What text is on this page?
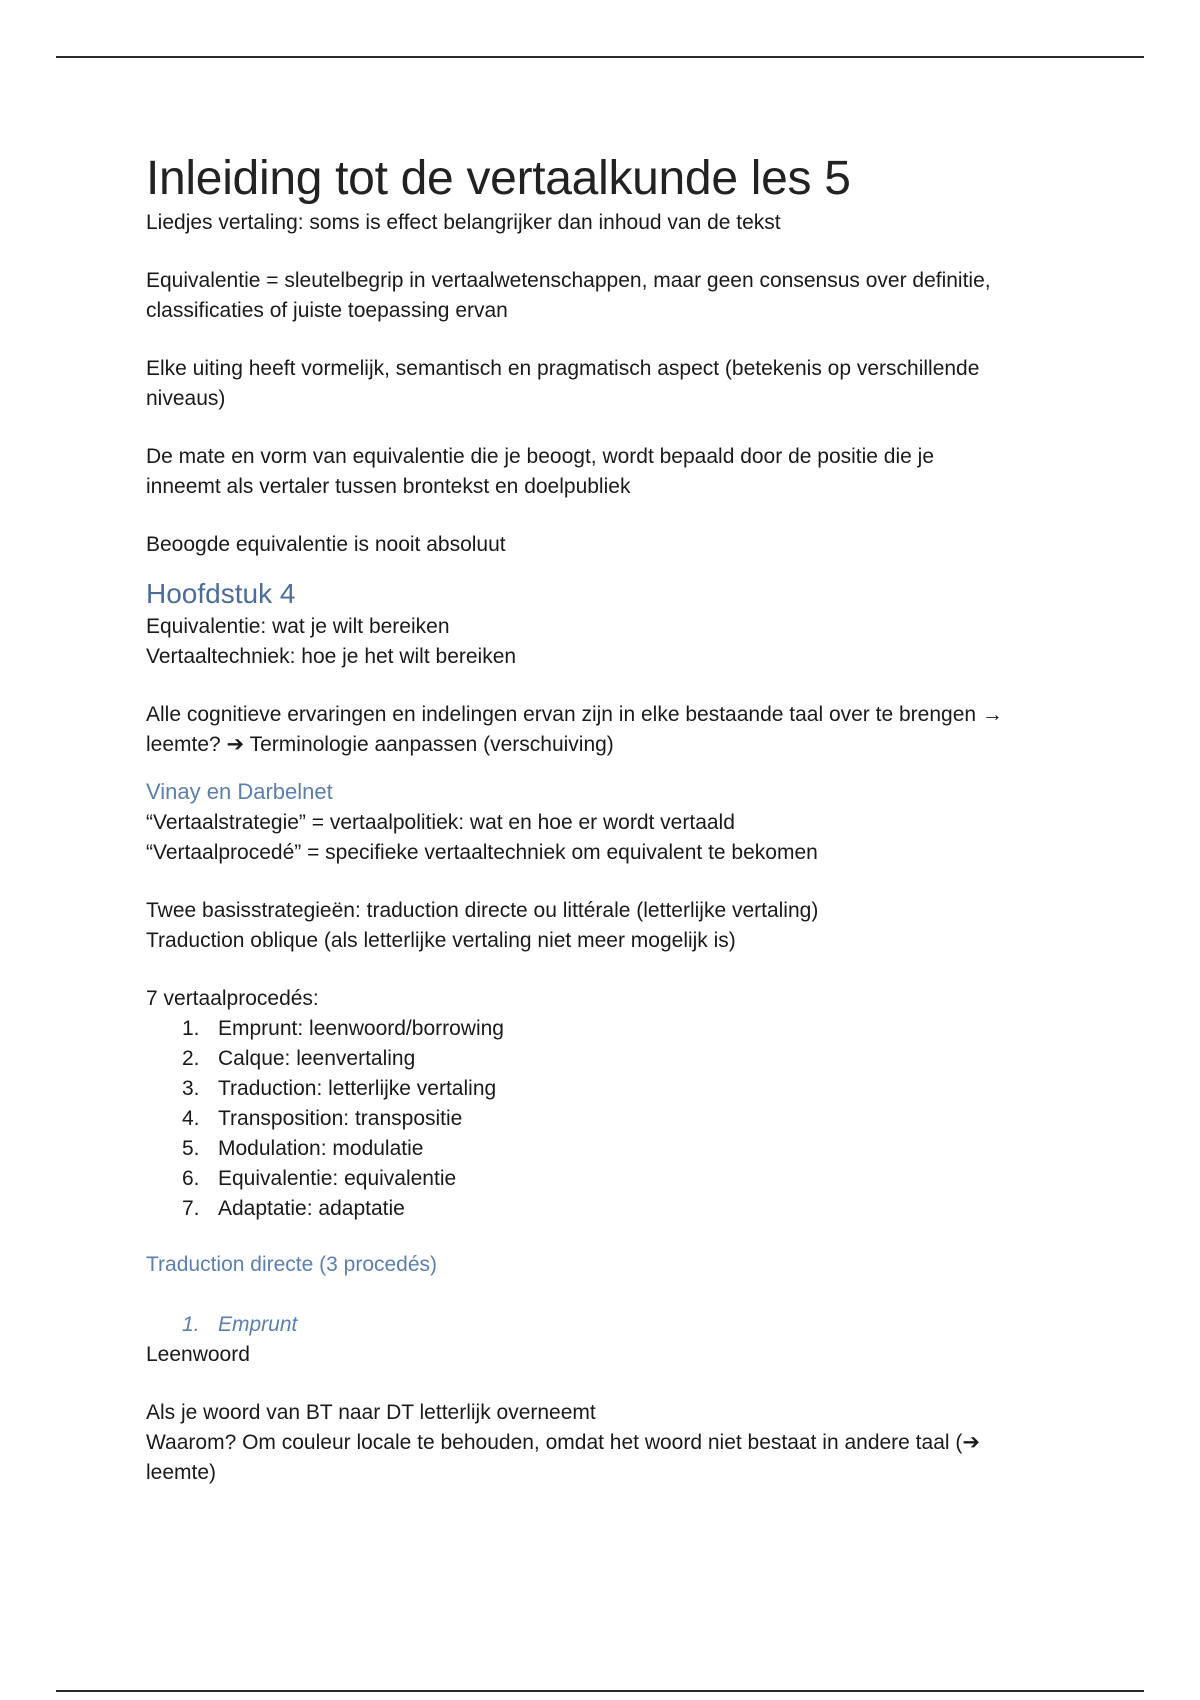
Inleiding tot de vertaalkunde les 5

Liedjes vertaling: soms is effect belangrijker dan inhoud van de tekst

Equivalentie = sleutelbegrip in vertaalwetenschappen, maar geen consensus over definitie,

classificaties of juiste toepassing ervan

Elke uiting heeft vormelijk, semantisch en pragmatisch aspect (betekenis op verschillende

niveaus)

De mate en vorm van equivalentie die je beoogt, wordt bepaald door de positie die je

inneemt als vertaler tussen brontekst en doelpubliek

Beoogde equivalentie is nooit absoluut

Hoofdstuk 4

Equivalentie: wat je wilt bereiken

Vertaaltechniek: hoe je het wilt bereiken

Alle cognitieve ervaringen en indelingen ervan zijn in elke bestaande taal over te brengen →

leemte? ➔ Terminologie aanpassen (verschuiving)

Vinay en Darbelnet

“Vertaalstrategie” = vertaalpolitiek: wat en hoe er wordt vertaald

“Vertaalprocedé” = specifieke vertaaltechniek om equivalent te bekomen

Twee basisstrategieën: traduction directe ou littérale (letterlijke vertaling)

Traduction oblique (als letterlijke vertaling niet meer mogelijk is)

7 vertaalprocedés:

1. Emprunt: leenwoord/borrowing
2. Calque: leenvertaling
3. Traduction: letterlijke vertaling
4. Transposition: transpositie
5. Modulation: modulatie
6. Equivalentie: equivalentie
7. Adaptatie: adaptatie
Traduction directe (3 procedés)
1. Emprunt

Leenwoord

Als je woord van BT naar DT letterlijk overneemt

Waarom? Om couleur locale te behouden, omdat het woord niet bestaat in andere taal (➔

leemte)
